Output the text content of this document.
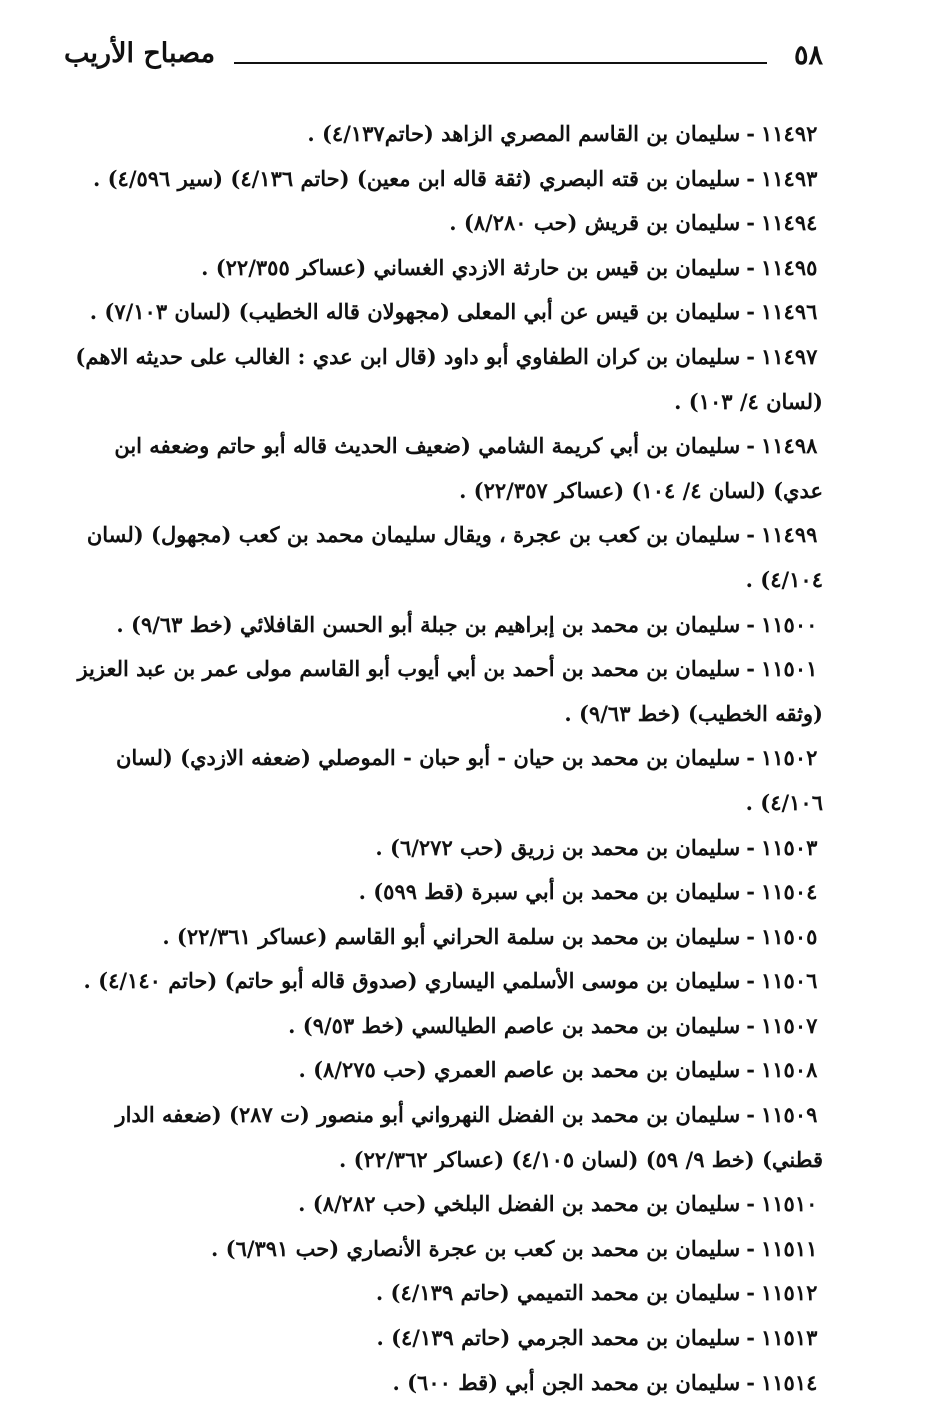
٥٨
مصباح الأريب

١١٤٩٢-سليمان بن القاسم المصري الزاهد (حاتم٤/١٣٧) .

١١٤٩٣-سليمان بن قته البصري (ثقة قاله ابن معين) (حاتم ٤/١٣٦) (سير ٤/٥٩٦) .

١١٤٩٤-سليمان بن قريش (حب ٨/٢٨٠) .

١١٤٩٥-سليمان بن قيس بن حارثة الازدي الغساني (عساكر ٢٢/٣٥٥) .

١١٤٩٦-سليمان بن قيس عن أبي المعلى (مجهولان قاله الخطيب) (لسان ٧/١٠٣) .

١١٤٩٧-سليمان بن كران الطفاوي أبو داود (قال ابن عدي : الغالب على حديثه الاهم) (لسان ٤/ ١٠٣) .

١١٤٩٨-سليمان بن أبي كريمة الشامي (ضعيف الحديث قاله أبو حاتم وضعفه ابن عدي) (لسان ٤/ ١٠٤) (عساكر ٢٢/٣٥٧) .

١١٤٩٩-سليمان بن كعب بن عجرة ، ويقال سليمان محمد بن كعب (مجهول) (لسان ٤/١٠٤) .

١١٥٠٠-سليمان بن محمد بن إبراهيم بن جبلة أبو الحسن القافلائي (خط ٩/٦٣) .

١١٥٠١-سليمان بن محمد بن أحمد بن أبي أيوب أبو القاسم مولى عمر بن عبد العزيز (وثقه الخطيب) (خط ٩/٦٣) .

١١٥٠٢-سليمان بن محمد بن حيان - أبو حبان - الموصلي (ضعفه الازدي) (لسان ٤/١٠٦) .

١١٥٠٣-سليمان بن محمد بن زريق (حب ٦/٢٧٢) .

١١٥٠٤-سليمان بن محمد بن أبي سبرة (قط ٥٩٩) .

١١٥٠٥-سليمان بن محمد بن سلمة الحراني أبو القاسم (عساكر ٢٢/٣٦١) .

١١٥٠٦-سليمان بن موسى الأسلمي اليساري (صدوق قاله أبو حاتم) (حاتم ٤/١٤٠) .

١١٥٠٧-سليمان بن محمد بن عاصم الطيالسي (خط ٩/٥٣) .

١١٥٠٨-سليمان بن محمد بن عاصم العمري (حب ٨/٢٧٥) .

١١٥٠٩-سليمان بن محمد بن الفضل النهرواني أبو منصور (ت ٢٨٧) (ضعفه الدار قطني) (خط ٩/ ٥٩) (لسان ٤/١٠٥) (عساكر ٢٢/٣٦٢) .

١١٥١٠-سليمان بن محمد بن الفضل البلخي (حب ٨/٢٨٢) .

١١٥١١-سليمان بن محمد بن كعب بن عجرة الأنصاري (حب ٦/٣٩١) .

١١٥١٢-سليمان بن محمد التميمي (حاتم ٤/١٣٩) .

١١٥١٣-سليمان بن محمد الجرمي (حاتم ٤/١٣٩) .

١١٥١٤-سليمان بن محمد الجن أبي (قط ٦٠٠) .
